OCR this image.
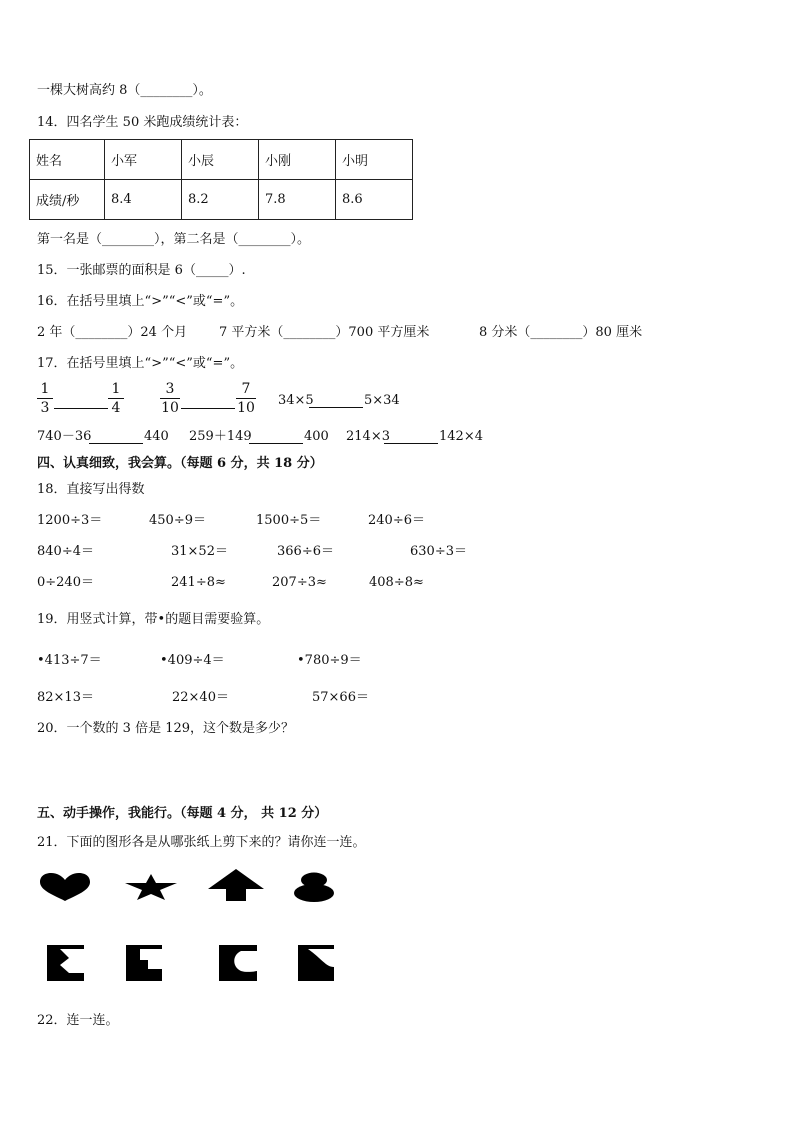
一棵大树高约 8（________）。
14．四名学生 50 米跑成绩统计表：
姓名	小军	小辰	小刚	小明
成绩/秒	8.4	8.2	7.8	8.6
第一名是（________），第二名是（________）。
15．一张邮票的面积是 6（_____）.
16．在括号里填上“>”“<”或“=”。
2 年（________）24 个月 7 平方米（________）700 平方厘米	8 分米（________）80 厘米
17．在括号里填上“>”“<”或“=”。
1
3
1
4
3
10
7
10 34×5	5×34
740－36	440 259＋149	400 214×3	142×4
四、认真细致，我会算。（每题 6 分，共 18 分）
18．直接写出得数
1200÷3＝	450÷9＝	1500÷5＝	240÷6＝
840÷4＝	31×52＝	366÷6＝	630÷3＝
0÷240＝	241÷8≈	207÷3≈	408÷8≈
19．用竖式计算，带•的题目需要验算。
•413÷7＝	•409÷4＝	•780÷9＝
82×13＝	22×40＝	57×66＝
20．一个数的 3 倍是 129，这个数是多少？
五、动手操作，我能行。（每题 4 分， 共 12 分）
21．下面的图形各是从哪张纸上剪下来的？请你连一连。
22．连一连。
